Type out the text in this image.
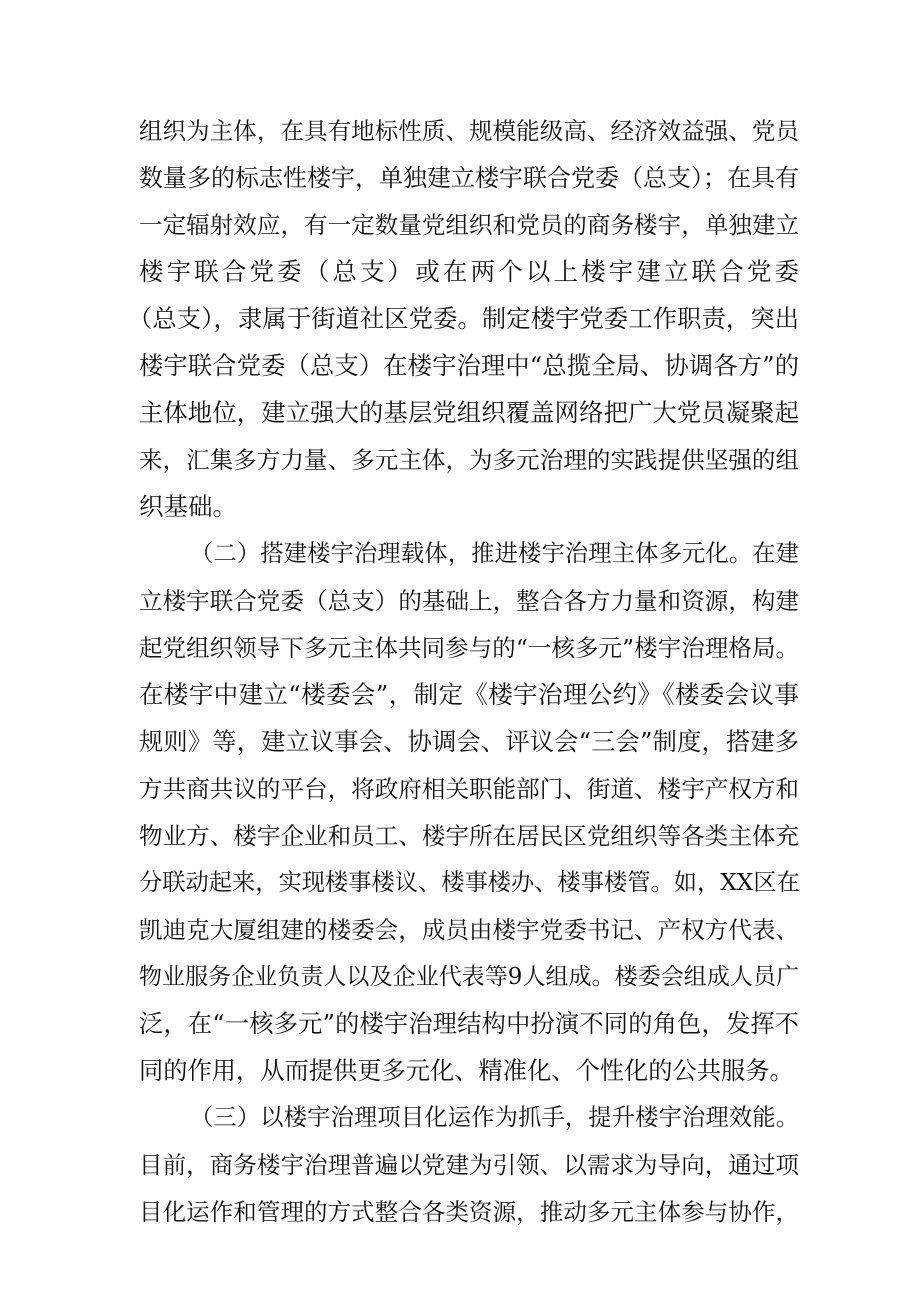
组织为主体，在具有地标性质、规模能级高、经济效益强、党员
数量多的标志性楼宇，单独建立楼宇联合党委（总支）；在具有
一定辐射效应，有一定数量党组织和党员的商务楼宇，单独建立
楼宇联合党委（总支）或在两个以上楼宇建立联合党委
（总支），隶属于街道社区党委。制定楼宇党委工作职责，突出
楼宇联合党委（总支）在楼宇治理中“总揽全局、协调各方”的
主体地位，建立强大的基层党组织覆盖网络把广大党员凝聚起
来，汇集多方力量、多元主体，为多元治理的实践提供坚强的组
织基础。
（二）搭建楼宇治理载体，推进楼宇治理主体多元化。在建
立楼宇联合党委（总支）的基础上，整合各方力量和资源，构建
起党组织领导下多元主体共同参与的“一核多元”楼宇治理格局。
在楼宇中建立“楼委会”，制定《楼宇治理公约》《楼委会议事
规则》等，建立议事会、协调会、评议会“三会”制度，搭建多
方共商共议的平台，将政府相关职能部门、街道、楼宇产权方和
物业方、楼宇企业和员工、楼宇所在居民区党组织等各类主体充
分联动起来，实现楼事楼议、楼事楼办、楼事楼管。如，XX区在
凯迪克大厦组建的楼委会，成员由楼宇党委书记、产权方代表、
物业服务企业负责人以及企业代表等9人组成。楼委会组成人员广
泛，在“一核多元”的楼宇治理结构中扮演不同的角色，发挥不
同的作用，从而提供更多元化、精准化、个性化的公共服务。
（三）以楼宇治理项目化运作为抓手，提升楼宇治理效能。
目前，商务楼宇治理普遍以党建为引领、以需求为导向，通过项
目化运作和管理的方式整合各类资源，推动多元主体参与协作，
